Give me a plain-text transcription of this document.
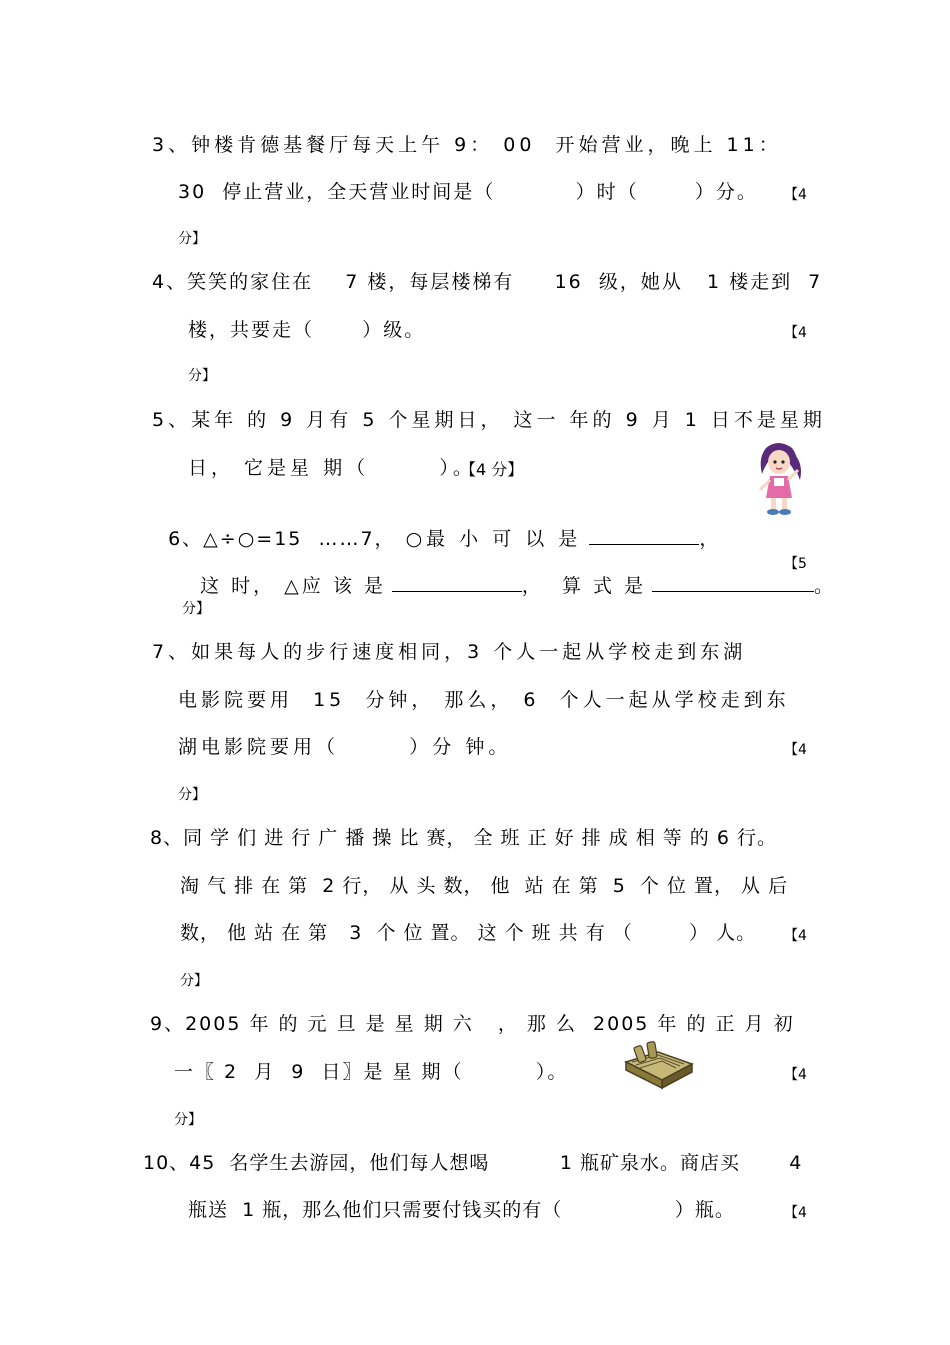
3、钟楼肯德基餐厅每天上午 9： 00  开始营业，晚上 11：
30  停止营业，全天营业时间是（          ）时（       ）分。 【4
分】
4、笑笑的家住在    7 楼，每层楼梯有     16  级，她从   1 楼走到  7
楼，共要走（      ）级。	【4
分】
5、某年 的 9 月有 5 个星期日， 这一 年的 9 月 1 日不是星期
日， 它是星 期（       ）。
【4 分】

6、△÷○=15  ……7， ○最 小 可 以 是	，

这 时， △应 该 是	，  算 式 是	。

【5
分】
7、如果每人的步行速度相同，3 个人一起从学校走到东湖
电影院要用  15  分钟， 那么， 6  个人一起从学校走到东
湖电影院要用（       ）分 钟。	【4
分】
8、同 学 们 进 行 广 播 操 比 赛， 全 班 正 好 排 成 相 等 的 6 行。
淘 气 排 在 第  2 行， 从 头 数， 他  站 在 第  5  个 位 置， 从 后
数， 他 站 在 第   3  个 位 置。 这 个 班 共 有 （        ） 人。 【4
分】
9、2005 年 的 元 旦 是 星 期 六   ， 那 么  2005 年 的 正 月 初
一〖 2  月  9  日〗是 星 期（         ）。	【4
分】
10、45  名学生去游园，他们每人想喝          1 瓶矿泉水。商店买       4
瓶送  1 瓶，那么他们只需要付钱买的有（                ）瓶。	【4
